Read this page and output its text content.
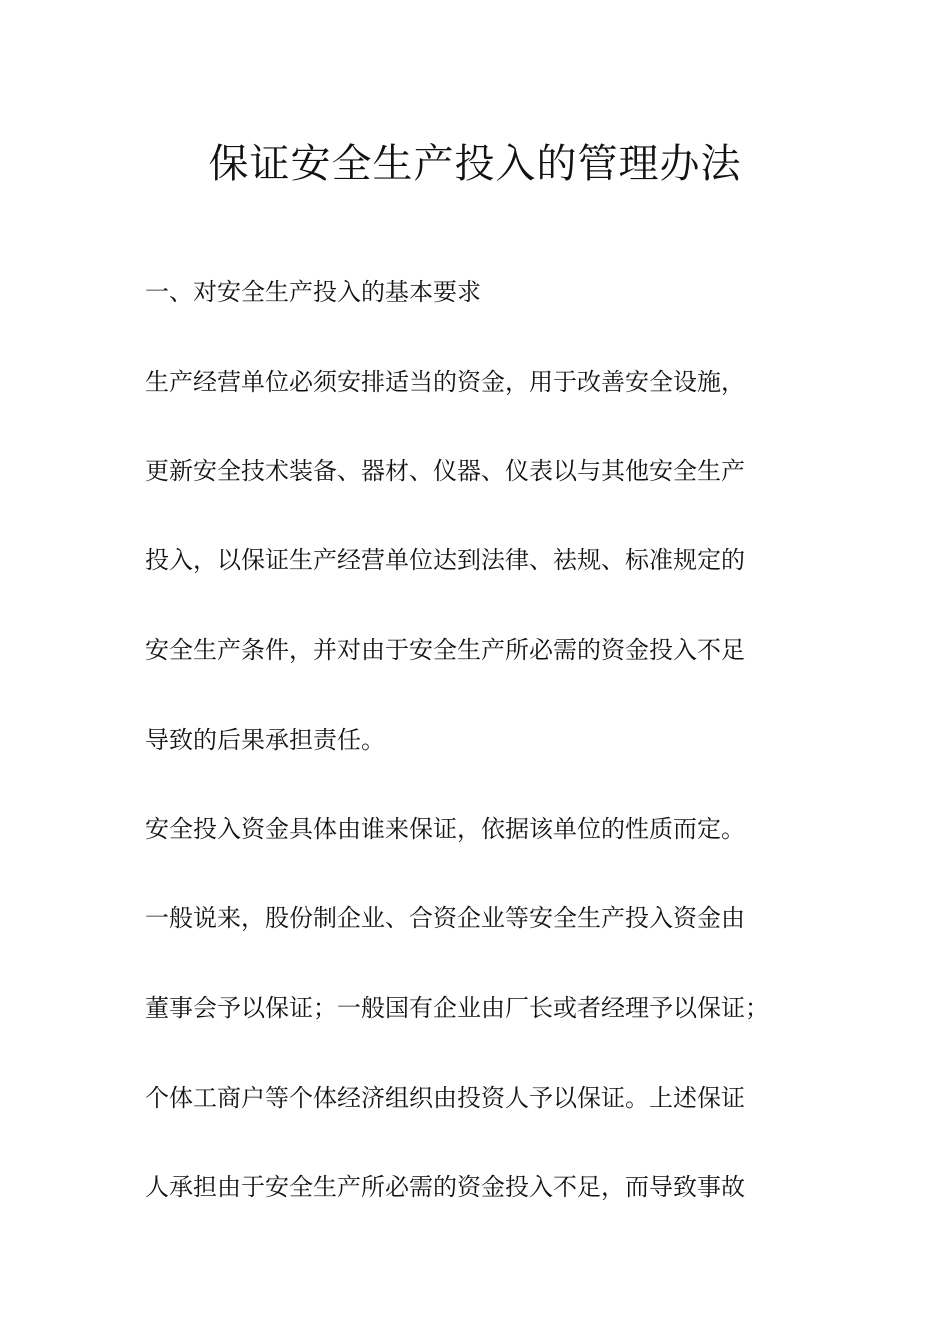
保证安全生产投入的管理办法
一、对安全生产投入的基本要求
生产经营单位必须安排适当的资金，用于改善安全设施，
更新安全技术装备、器材、仪器、仪表以与其他安全生产
投入，以保证生产经营单位达到法律、祛规、标准规定的
安全生产条件，并对由于安全生产所必需的资金投入不足
导致的后果承担责任。
安全投入资金具体由谁来保证，依据该单位的性质而定。
一般说来，股份制企业、合资企业等安全生产投入资金由
董事会予以保证；一般国有企业由厂长或者经理予以保证；
个体工商户等个体经济组织由投资人予以保证。上述保证
人承担由于安全生产所必需的资金投入不足，而导致事故
